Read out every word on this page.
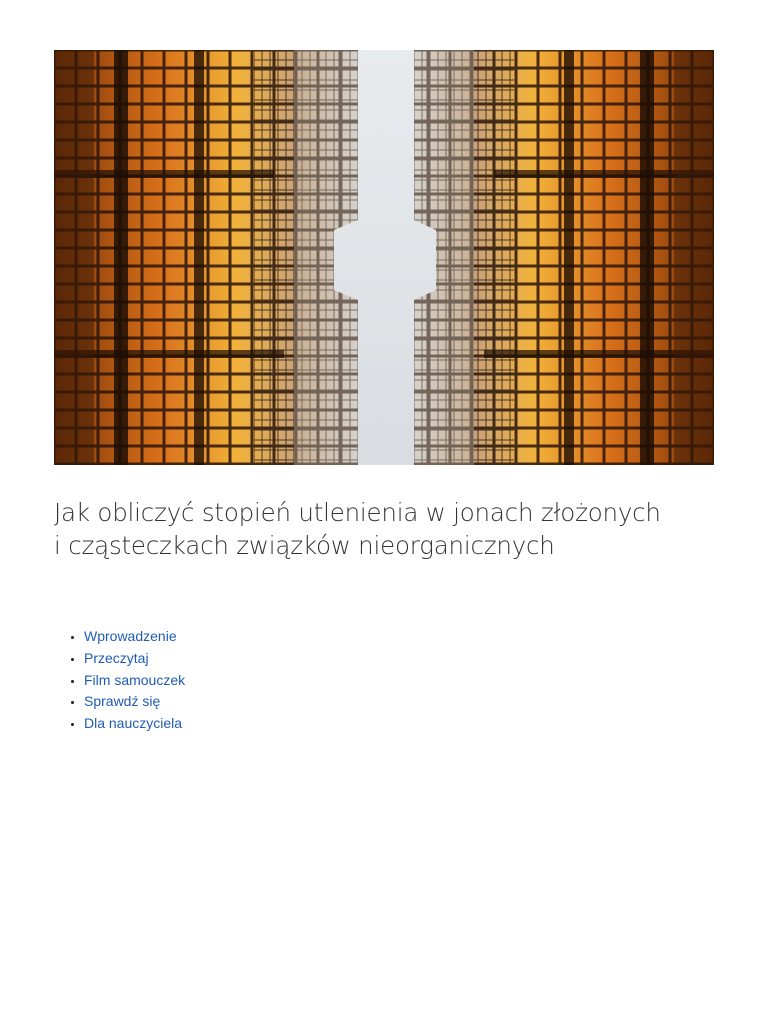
Jak obliczyć stopień utlenienia w jonach złożonych
i cząsteczkach związków nieorganicznych
• Wprowadzenie
• Przeczytaj
• Film samouczek
• Sprawdź się
• Dla nauczyciela
